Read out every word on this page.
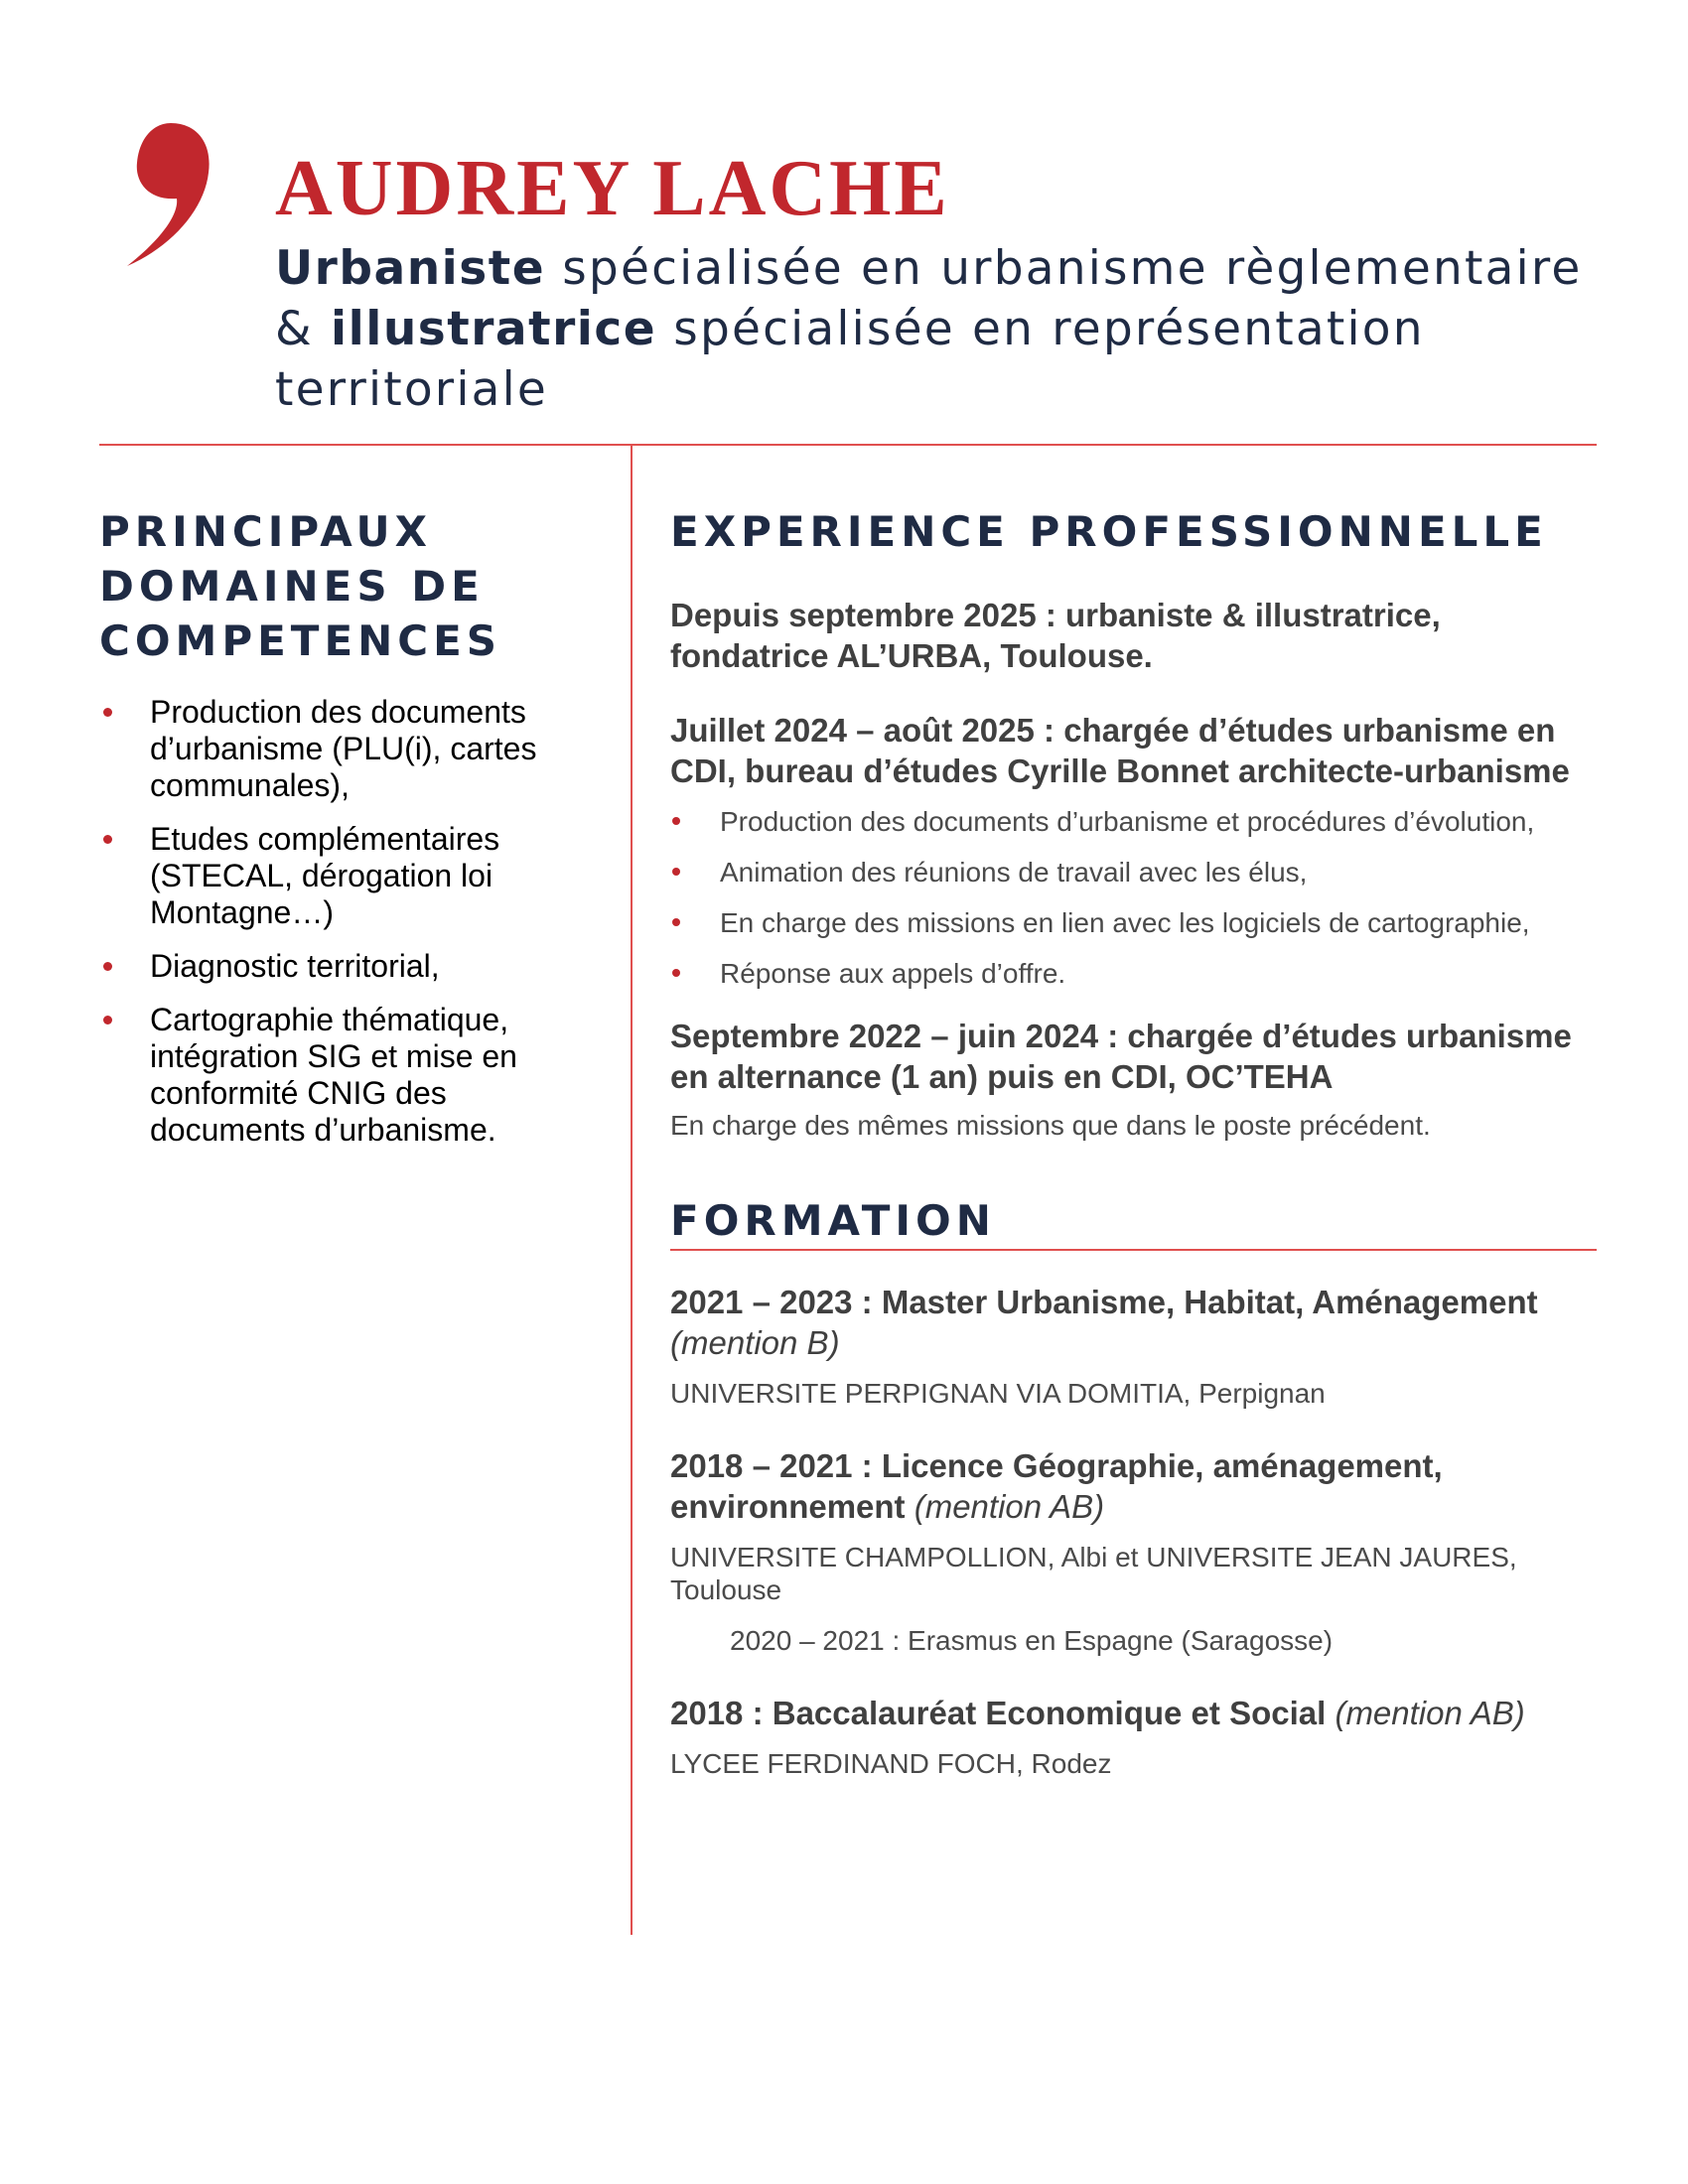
AUDREY LACHE

Urbaniste spécialisée en urbanisme règlementaire & illustratrice spécialisée en représentation territoriale

PRINCIPAUX
DOMAINES DE
COMPETENCES
Production des documents d’urbanisme (PLU(i), cartes communales),
Etudes complémentaires (STECAL, dérogation loi Montagne…)
Diagnostic territorial,
Cartographie thématique, intégration SIG et mise en conformité CNIG des documents d’urbanisme.
EXPERIENCE PROFESSIONNELLE

Depuis septembre 2025 : urbaniste & illustratrice, fondatrice AL’URBA, Toulouse.

Juillet 2024 – août 2025 : chargée d’études urbanisme en CDI, bureau d’études Cyrille Bonnet architecte-urbanisme

Production des documents d’urbanisme et procédures d’évolution,
Animation des réunions de travail avec les élus,
En charge des missions en lien avec les logiciels de cartographie,
Réponse aux appels d’offre.

Septembre 2022 – juin 2024 : chargée d’études urbanisme en alternance (1 an) puis en CDI, OC’TEHA

En charge des mêmes missions que dans le poste précédent.

FORMATION

2021 – 2023 : Master Urbanisme, Habitat, Aménagement
(mention B)

UNIVERSITE PERPIGNAN VIA DOMITIA, Perpignan

2018 – 2021 : Licence Géographie, aménagement, environnement (mention AB)

UNIVERSITE CHAMPOLLION, Albi et UNIVERSITE JEAN JAURES, Toulouse

2020 – 2021 : Erasmus en Espagne (Saragosse)

2018 : Baccalauréat Economique et Social (mention AB)

LYCEE FERDINAND FOCH, Rodez
